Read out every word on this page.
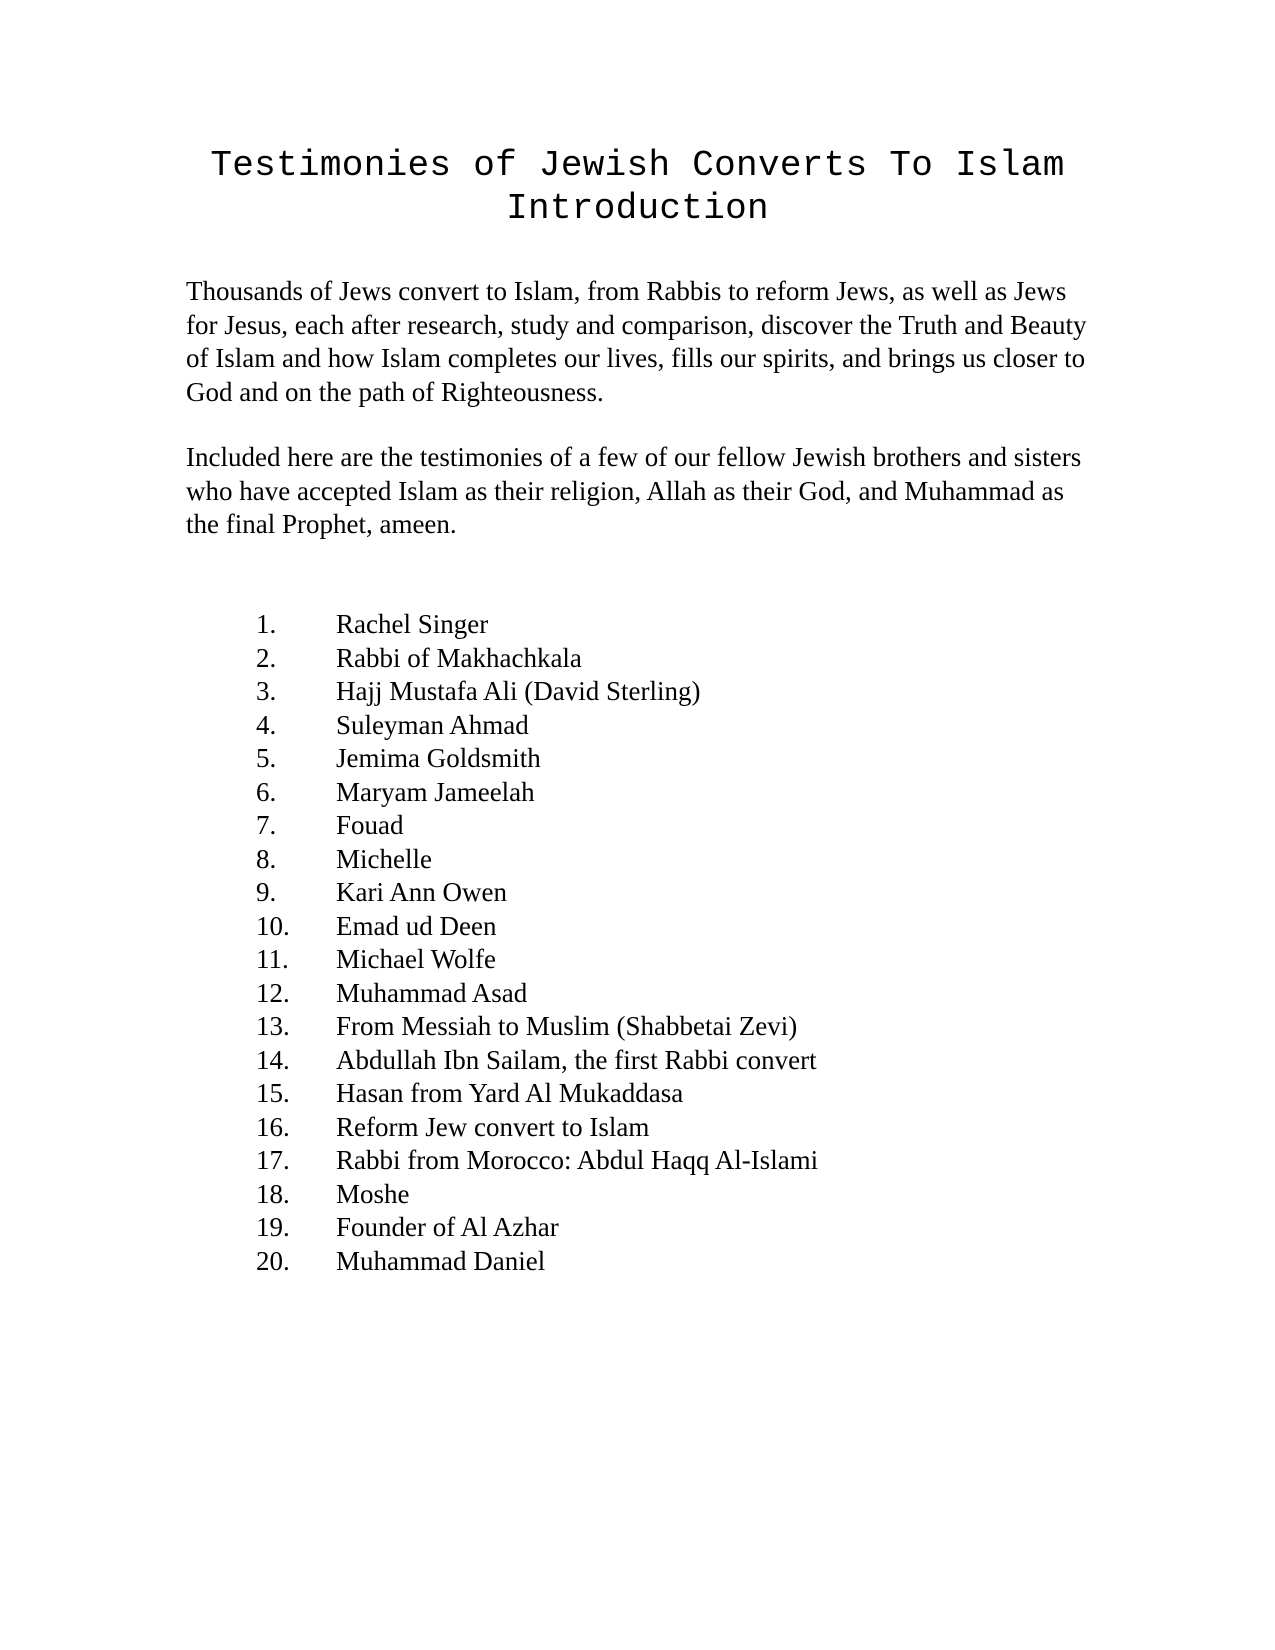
Testimonies of Jewish Converts To Islam
Introduction

Thousands of Jews convert to Islam, from Rabbis to reform Jews, as well as Jews for Jesus, each after research, study and comparison, discover the Truth and Beauty of Islam and how Islam completes our lives, fills our spirits, and brings us closer to God and on the path of Righteousness.

Included here are the testimonies of a few of our fellow Jewish brothers and sisters who have accepted Islam as their religion, Allah as their God, and Muhammad as the final Prophet, ameen.

1.	Rachel Singer
2.	Rabbi of Makhachkala
3.	Hajj Mustafa Ali (David Sterling)
4.	Suleyman Ahmad
5.	Jemima Goldsmith
6.	Maryam Jameelah
7.	Fouad
8.	Michelle
9.	Kari Ann Owen
10.	Emad ud Deen
11.	Michael Wolfe
12.	Muhammad Asad
13.	From Messiah to Muslim (Shabbetai Zevi)
14.	Abdullah Ibn Sailam, the first Rabbi convert
15.	Hasan from Yard Al Mukaddasa
16.	Reform Jew convert to Islam
17.	Rabbi from Morocco: Abdul Haqq Al-Islami
18.	Moshe
19.	Founder of Al Azhar
20.	Muhammad Daniel
